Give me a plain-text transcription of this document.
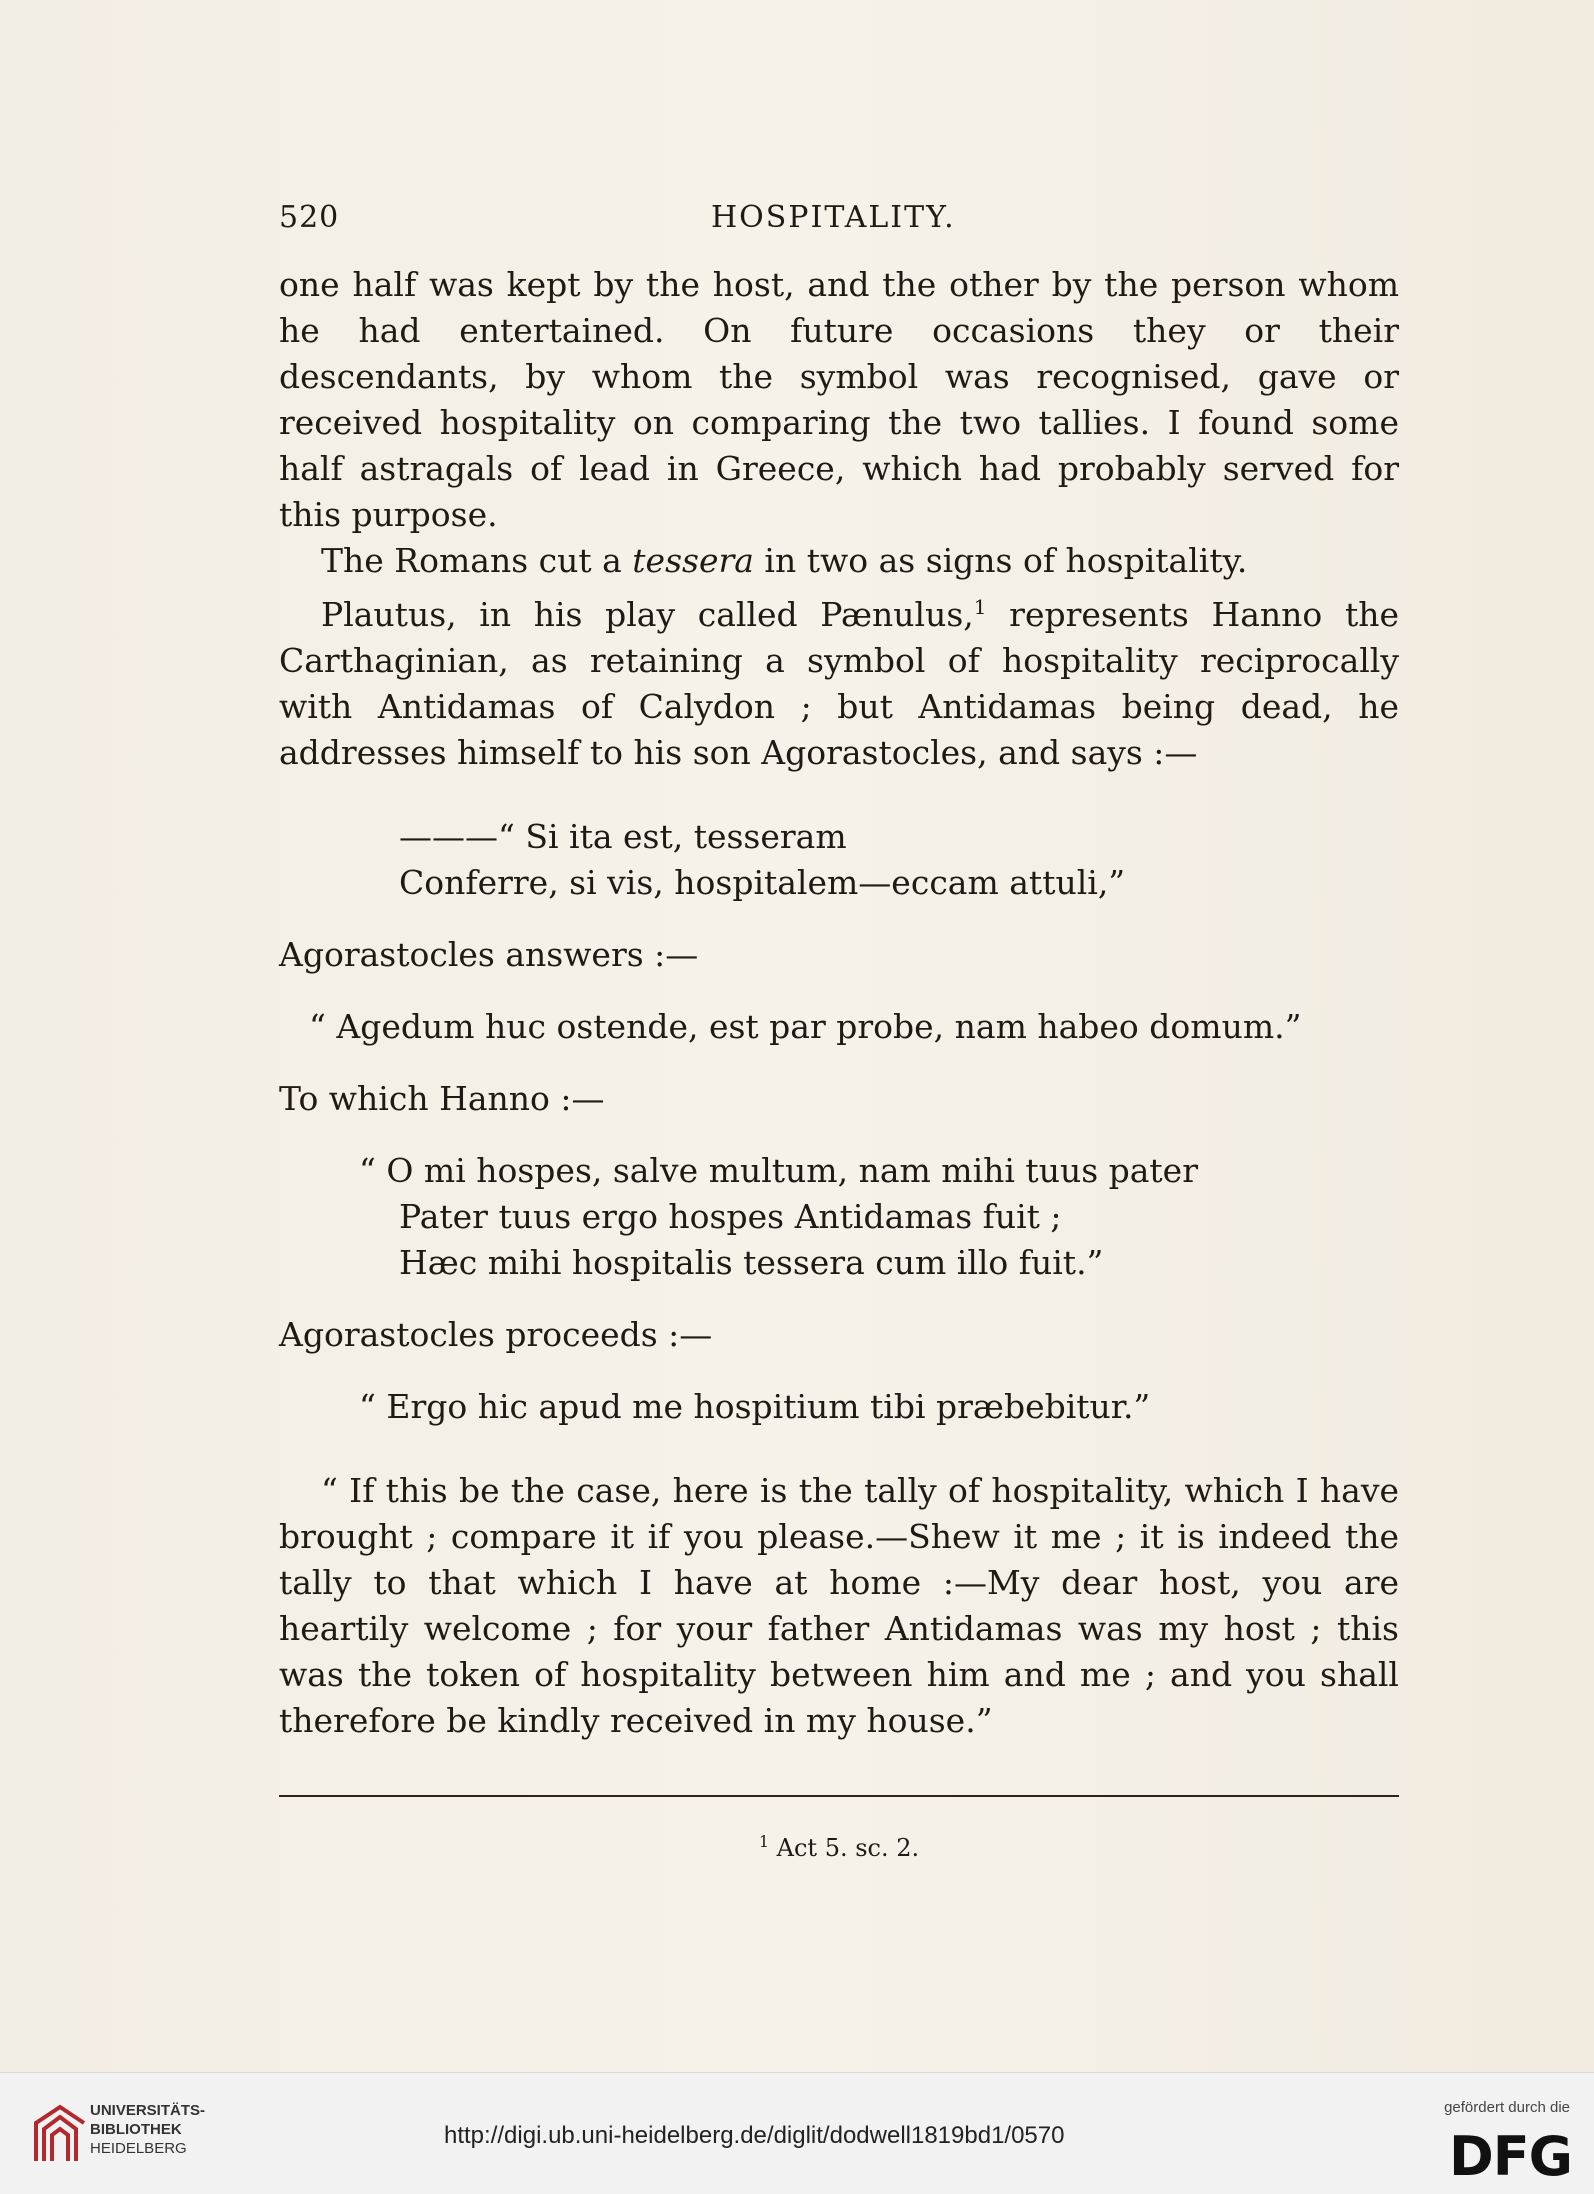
520	HOSPITALITY.

one half was kept by the host, and the other by the person whom he had entertained. On future occasions they or their descendants, by whom the symbol was recognised, gave or received hospitality on comparing the two tallies. I found some half astragals of lead in Greece, which had probably served for this purpose.

The Romans cut a tessera in two as signs of hospitality.

Plautus, in his play called Pænulus,$^1$ represents Hanno the Carthaginian, as retaining a symbol of hospitality reciprocally with Antidamas of Calydon ; but Antidamas being dead, he addresses himself to his son Agorastocles, and says :—

———“ Si ita est, tesseram

Conferre, si vis, hospitalem—eccam attuli,”

Agorastocles answers :—

“ Agedum huc ostende, est par probe, nam habeo domum.”

To which Hanno :—

“ O mi hospes, salve multum, nam mihi tuus pater

Pater tuus ergo hospes Antidamas fuit ;

Hæc mihi hospitalis tessera cum illo fuit.”

Agorastocles proceeds :—

“ Ergo hic apud me hospitium tibi præbebitur.”

“ If this be the case, here is the tally of hospitality, which I have brought ; compare it if you please.—Shew it me ; it is indeed the tally to that which I have at home :—My dear host, you are heartily welcome ; for your father Antidamas was my host ; this was the token of hospitality between him and me ; and you shall therefore be kindly received in my house.”

$^1$ Act 5. sc. 2.
UNIVERSITÄTS-
BIBLIOTHEK
HEIDELBERG	http://digi.ub.uni-heidelberg.de/diglit/dodwell1819bd1/0570
gefördert durch die
DFG
